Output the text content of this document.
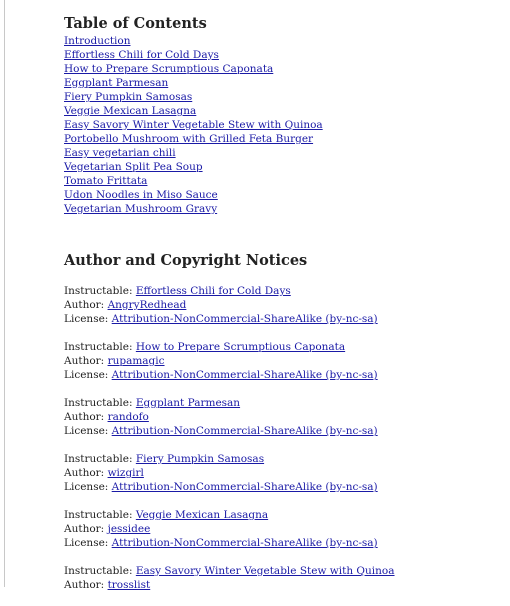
Table of Contents
Introduction
Effortless Chili for Cold Days
How to Prepare Scrumptious Caponata
Eggplant Parmesan
Fiery Pumpkin Samosas
Veggie Mexican Lasagna
Easy Savory Winter Vegetable Stew with Quinoa
Portobello Mushroom with Grilled Feta Burger
Easy vegetarian chili
Vegetarian Split Pea Soup
Tomato Frittata
Udon Noodles in Miso Sauce
Vegetarian Mushroom Gravy
Author and Copyright Notices
Instructable: Effortless Chili for Cold Days
Author: AngryRedhead
License: Attribution-NonCommercial-ShareAlike (by-nc-sa)
Instructable: How to Prepare Scrumptious Caponata
Author: rupamagic
License: Attribution-NonCommercial-ShareAlike (by-nc-sa)
Instructable: Eggplant Parmesan
Author: randofo
License: Attribution-NonCommercial-ShareAlike (by-nc-sa)
Instructable: Fiery Pumpkin Samosas
Author: wizgirl
License: Attribution-NonCommercial-ShareAlike (by-nc-sa)
Instructable: Veggie Mexican Lasagna
Author: jessidee
License: Attribution-NonCommercial-ShareAlike (by-nc-sa)
Instructable: Easy Savory Winter Vegetable Stew with Quinoa
Author: trosslist
